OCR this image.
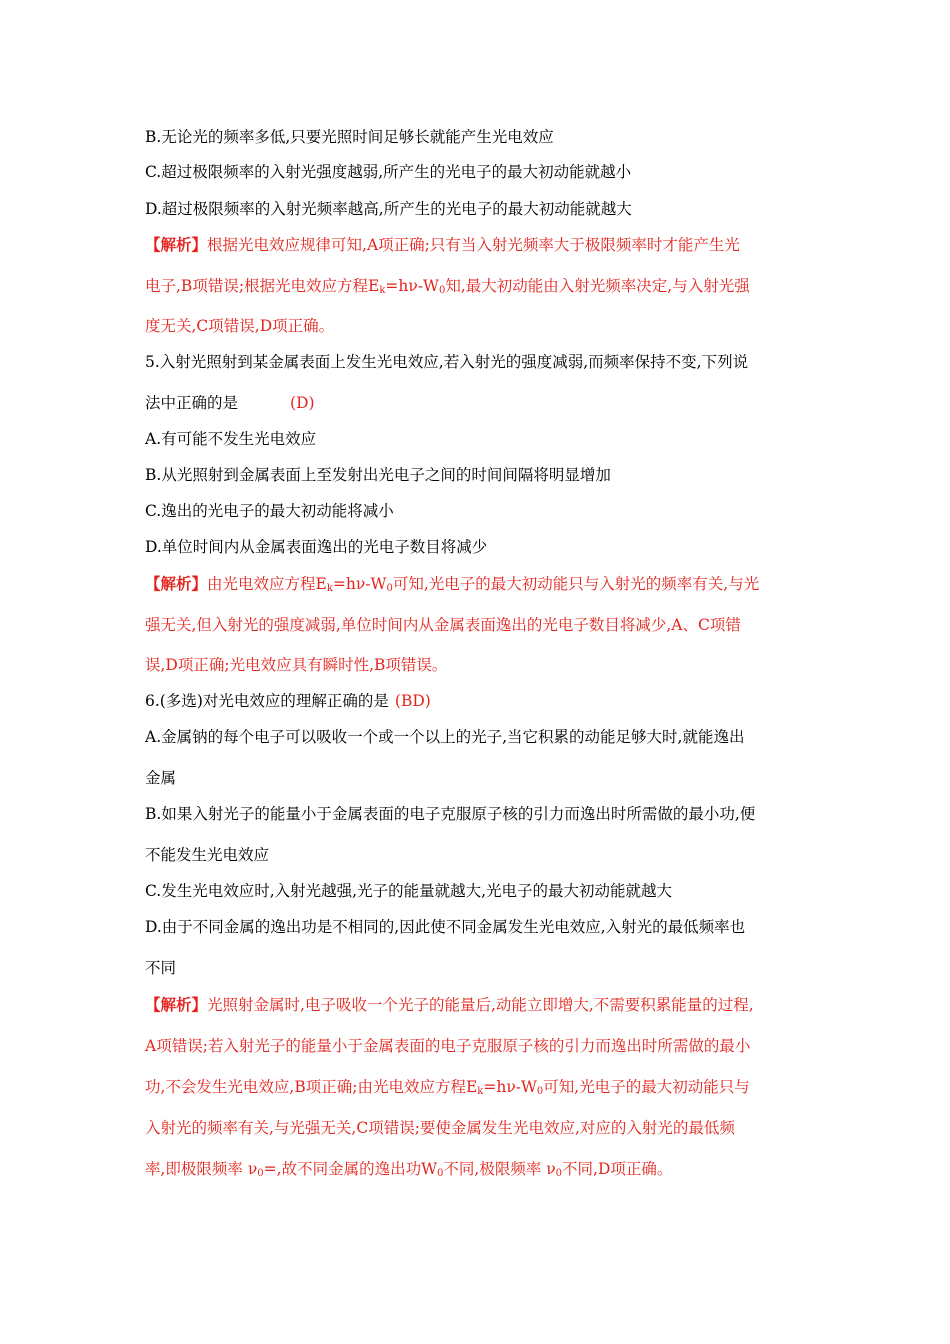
B.无论光的频率多低,只要光照时间足够长就能产生光电效应
C.超过极限频率的入射光强度越弱,所产生的光电子的最大初动能就越小
D.超过极限频率的入射光频率越高,所产生的光电子的最大初动能就越大
【解析】根据光电效应规律可知,A项正确;只有当入射光频率大于极限频率时才能产生光
电子,B项错误;根据光电效应方程$E_k=h\nu-W_0$知,最大初动能由入射光频率决定,与入射光强
度无关,C项错误,D项正确。
5.入射光照射到某金属表面上发生光电效应,若入射光的强度减弱,而频率保持不变,下列说
法中正确的是	(D)
A.有可能不发生光电效应
B.从光照射到金属表面上至发射出光电子之间的时间间隔将明显增加
C.逸出的光电子的最大初动能将减小
D.单位时间内从金属表面逸出的光电子数目将减少
【解析】由光电效应方程$E_k=h\nu-W_0$可知,光电子的最大初动能只与入射光的频率有关,与光
强无关,但入射光的强度减弱,单位时间内从金属表面逸出的光电子数目将减少,A、C项错
误,D项正确;光电效应具有瞬时性,B项错误。
6.(多选)对光电效应的理解正确的是 (BD)
A.金属钠的每个电子可以吸收一个或一个以上的光子,当它积累的动能足够大时,就能逸出
金属
B.如果入射光子的能量小于金属表面的电子克服原子核的引力而逸出时所需做的最小功,便
不能发生光电效应
C.发生光电效应时,入射光越强,光子的能量就越大,光电子的最大初动能就越大
D.由于不同金属的逸出功是不相同的,因此使不同金属发生光电效应,入射光的最低频率也
不同
【解析】光照射金属时,电子吸收一个光子的能量后,动能立即增大,不需要积累能量的过程,
A项错误;若入射光子的能量小于金属表面的电子克服原子核的引力而逸出时所需做的最小
功,不会发生光电效应,B项正确;由光电效应方程$E_k=h\nu-W_0$可知,光电子的最大初动能只与
入射光的频率有关,与光强无关,C项错误;要使金属发生光电效应,对应的入射光的最低频
率,即极限频率 $\nu_0=$,故不同金属的逸出功$W_0$不同,极限频率 $\nu_0$不同,D项正确。
